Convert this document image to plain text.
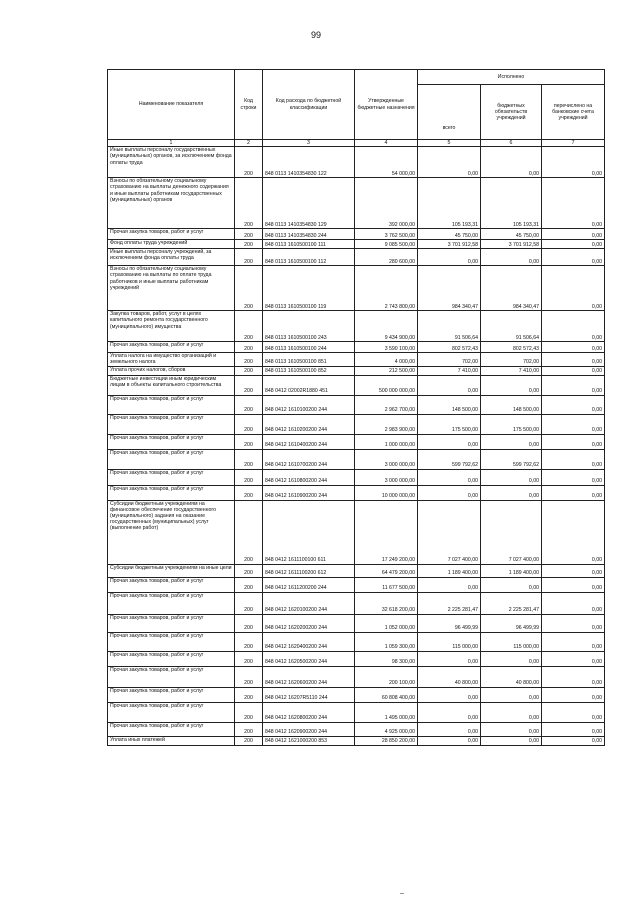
99
Наименование показателя	Код строки	Код расхода по бюджетной классификации	Утвержденные бюджетные назначения	Исполнено		
				всего	бюджетных обязательств учреждений	перечислено на банковские счета учреждений
1	2	3	4	5	6	7
Иные выплаты персоналу государственных (муниципальных) органов, за исключением фонда оплаты труда	200	848 0113 1410354830 122	54 000,00	0,00	0,00	0,00
Взносы по обязательному социальному страхованию на выплаты денежного содержания и иные выплаты работникам государственных (муниципальных) органов	200	848 0113 1410354830 129	392 000,00	105 193,31	105 193,31	0,00
Прочая закупка товаров, работ и услуг	200	848 0113 1410354830 244	3 762 500,00	45 750,00	45 750,00	0,00
Фонд оплаты труда учреждений	200	848 0113 1610500100 111	9 085 500,00	3 701 912,58	3 701 912,58	0,00
Иные выплаты персоналу учреждений, за исключением фонда оплаты труда	200	848 0113 1610500100 112	280 600,00	0,00	0,00	0,00
Взносы по обязательному социальному страхованию на выплаты по оплате труда работников и иные выплаты работникам учреждений	200	848 0113 1610500100 119	2 743 800,00	984 340,47	984 340,47	0,00
Закупка товаров, работ, услуг в целях капитального ремонта государственного (муниципального) имущества	200	848 0113 1610500100 243	9 434 900,00	91 506,64	91 506,64	0,00
Прочая закупка товаров, работ и услуг	200	848 0113 1610500100 244	3 590 100,00	802 572,43	802 572,43	0,00
Уплата налога на имущество организаций и земельного налога	200	848 0113 1610500100 851	4 000,00	702,00	702,00	0,00
Уплата прочих налогов, сборов	200	848 0113 1610500100 852	212 500,00	7 410,00	7 410,00	0,00
Бюджетные инвестиции иным юридическим лицам в объекты капитального строительства	200	848 0412 02002R1880 451	500 000 000,00	0,00	0,00	0,00
Прочая закупка товаров, работ и услуг	200	848 0412 1610100200 244	2 962 700,00	148 500,00	148 500,00	0,00
Прочая закупка товаров, работ и услуг	200	848 0412 1610200200 244	2 983 900,00	175 500,00	175 500,00	0,00
Прочая закупка товаров, работ и услуг	200	848 0412 1610400200 244	1 000 000,00	0,00	0,00	0,00
Прочая закупка товаров, работ и услуг	200	848 0412 1610700200 244	3 000 000,00	599 792,62	599 792,62	0,00
Прочая закупка товаров, работ и услуг	200	848 0412 1610800200 244	3 000 000,00	0,00	0,00	0,00
Прочая закупка товаров, работ и услуг	200	848 0412 1610900200 244	10 000 000,00	0,00	0,00	0,00
Субсидии бюджетным учреждениям на финансовое обеспечение государственного (муниципального) задания на оказание государственных (муниципальных) услуг (выполнение работ)	200	848 0412 1611100100 611	17 249 200,00	7 027 400,00	7 027 400,00	0,00
Субсидии бюджетным учреждениям на иные цели	200	848 0412 1611100200 612	64 479 200,00	1 189 400,00	1 189 400,00	0,00
Прочая закупка товаров, работ и услуг	200	848 0412 1611200200 244	11 677 500,00	0,00	0,00	0,00
Прочая закупка товаров, работ и услуг	200	848 0412 1620100200 244	32 618 200,00	2 225 281,47	2 225 281,47	0,00
Прочая закупка товаров, работ и услуг	200	848 0412 1620200200 244	1 052 000,00	96 499,99	96 499,99	0,00
Прочая закупка товаров, работ и услуг	200	848 0412 1620400200 244	1 059 300,00	115 000,00	115 000,00	0,00
Прочая закупка товаров, работ и услуг	200	848 0412 1620500200 244	98 300,00	0,00	0,00	0,00
Прочая закупка товаров, работ и услуг	200	848 0412 1620600200 244	200 100,00	40 800,00	40 800,00	0,00
Прочая закупка товаров, работ и услуг	200	848 0412 16207R5110 244	60 808 400,00	0,00	0,00	0,00
Прочая закупка товаров, работ и услуг	200	848 0412 1620800200 244	1 495 000,00	0,00	0,00	0,00
Прочая закупка товаров, работ и услуг	200	848 0412 1620900200 244	4 925 000,00	0,00	0,00	0,00
Уплата иных платежей	200	848 0412 1621000200 853	28 850 200,00	0,00	0,00	0,00
